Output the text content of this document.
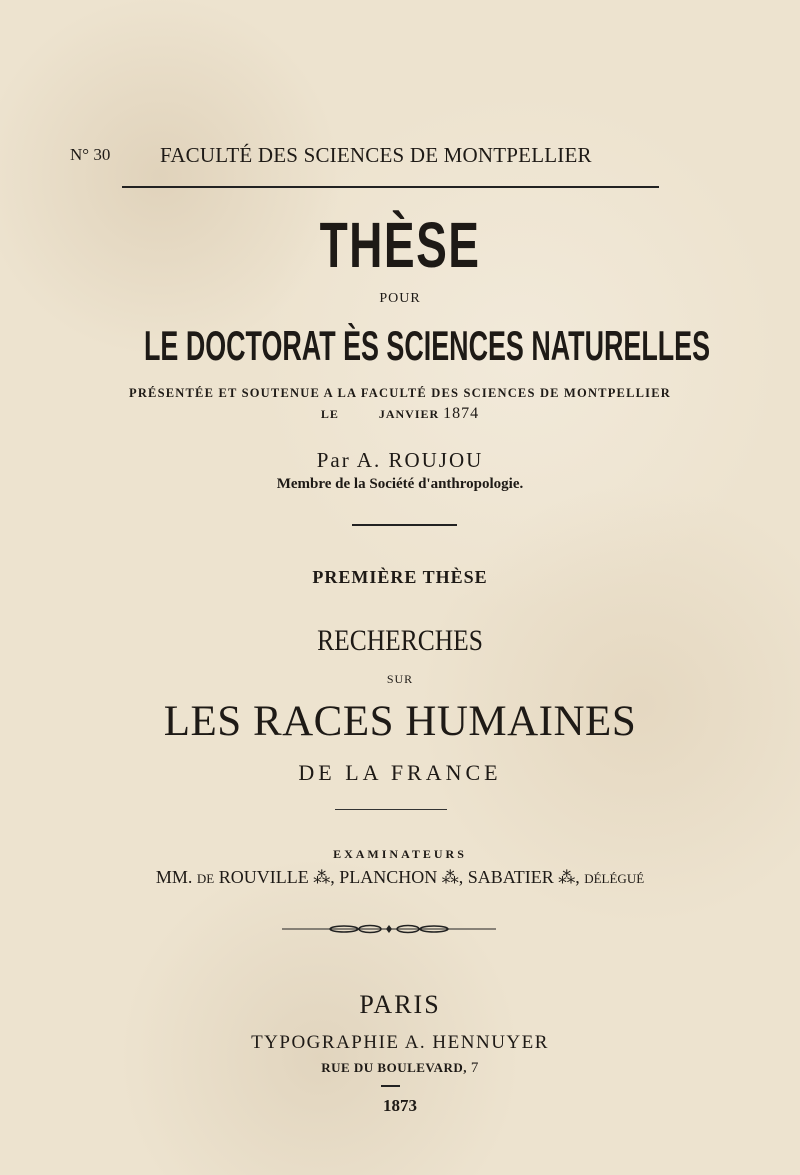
N° 30 FACULTÉ DES SCIENCES DE MONTPELLIER
THÈSE
POUR
LE DOCTORAT ÈS SCIENCES NATURELLES
PRÉSENTÉE ET SOUTENUE A LA FACULTÉ DES SCIENCES DE MONTPELLIER
LE	JANVIER 1874
Par A. ROUJOU
Membre de la Société d'anthropologie.
PREMIÈRE THÈSE
RECHERCHES
SUR
LES RACES HUMAINES
DE LA FRANCE
EXAMINATEURS
MM. DE ROUVILLE ⁂, PLANCHON ⁂, SABATIER ⁂, DÉLÉGUÉ
PARIS
TYPOGRAPHIE A. HENNUYER
RUE DU BOULEVARD, 7
1873
